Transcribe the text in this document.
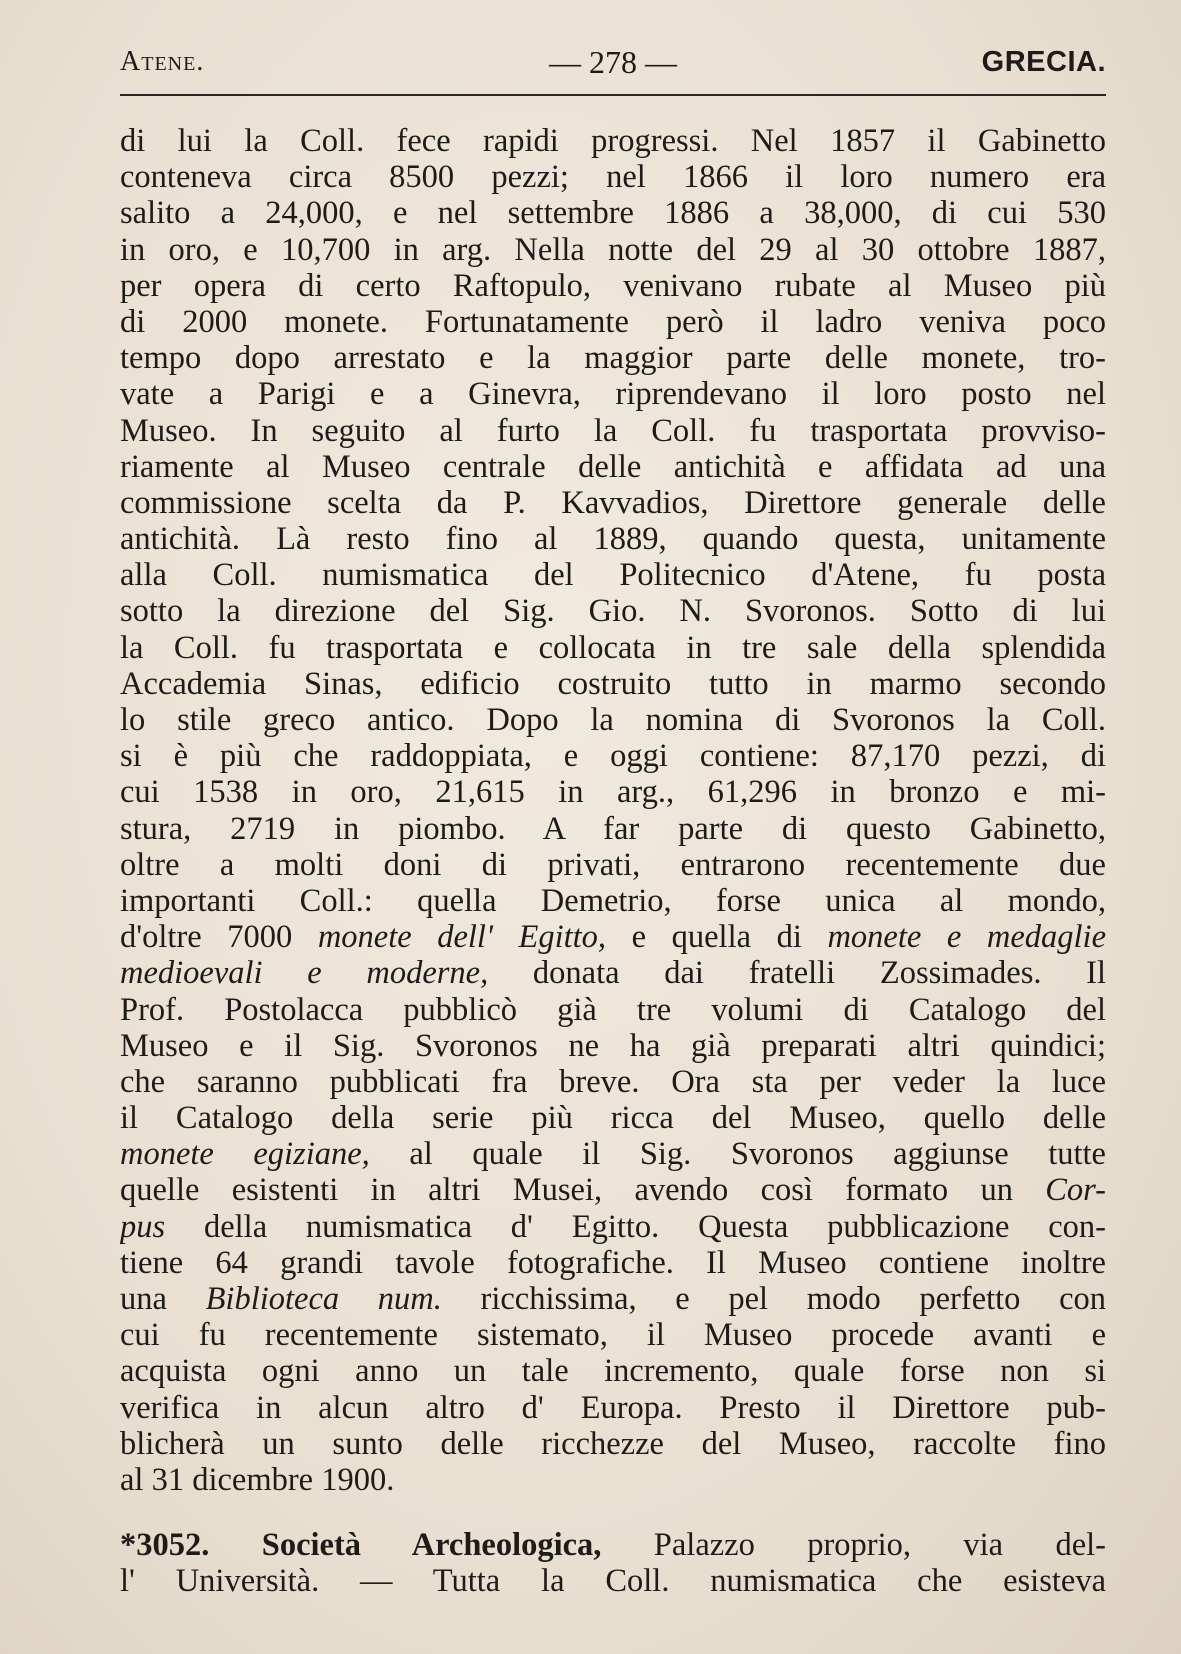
Atene.	— 278 —	GRECIA.
di lui la Coll. fece rapidi progressi. Nel 1857 il Gabinetto
conteneva circa 8500 pezzi; nel 1866 il loro numero era
salito a 24,000, e nel settembre 1886 a 38,000, di cui 530
in oro, e 10,700 in arg. Nella notte del 29 al 30 ottobre 1887,
per opera di certo Raftopulo, venivano rubate al Museo più
di 2000 monete. Fortunatamente però il ladro veniva poco
tempo dopo arrestato e la maggior parte delle monete, tro-
vate a Parigi e a Ginevra, riprendevano il loro posto nel
Museo. In seguito al furto la Coll. fu trasportata provviso-
riamente al Museo centrale delle antichità e affidata ad una
commissione scelta da P. Kavvadios, Direttore generale delle
antichità. Là resto fino al 1889, quando questa, unitamente
alla Coll. numismatica del Politecnico d'Atene, fu posta
sotto la direzione del Sig. Gio. N. Svoronos. Sotto di lui
la Coll. fu trasportata e collocata in tre sale della splendida
Accademia Sinas, edificio costruito tutto in marmo secondo
lo stile greco antico. Dopo la nomina di Svoronos la Coll.
si è più che raddoppiata, e oggi contiene: 87,170 pezzi, di
cui 1538 in oro, 21,615 in arg., 61,296 in bronzo e mi-
stura, 2719 in piombo. A far parte di questo Gabinetto,
oltre a molti doni di privati, entrarono recentemente due
importanti Coll.: quella Demetrio, forse unica al mondo,
d'oltre 7000 monete dell' Egitto, e quella di monete e medaglie
medioevali e moderne, donata dai fratelli Zossimades. Il
Prof. Postolacca pubblicò già tre volumi di Catalogo del
Museo e il Sig. Svoronos ne ha già preparati altri quindici;
che saranno pubblicati fra breve. Ora sta per veder la luce
il Catalogo della serie più ricca del Museo, quello delle
monete egiziane, al quale il Sig. Svoronos aggiunse tutte
quelle esistenti in altri Musei, avendo così formato un Cor-
pus della numismatica d' Egitto. Questa pubblicazione con-
tiene 64 grandi tavole fotografiche. Il Museo contiene inoltre
una Biblioteca num. ricchissima, e pel modo perfetto con
cui fu recentemente sistemato, il Museo procede avanti e
acquista ogni anno un tale incremento, quale forse non si
verifica in alcun altro d' Europa. Presto il Direttore pub-
blicherà un sunto delle ricchezze del Museo, raccolte fino
al 31 dicembre 1900.
*3052. Società Archeologica, Palazzo proprio, via del-
l' Università. — Tutta la Coll. numismatica che esisteva
